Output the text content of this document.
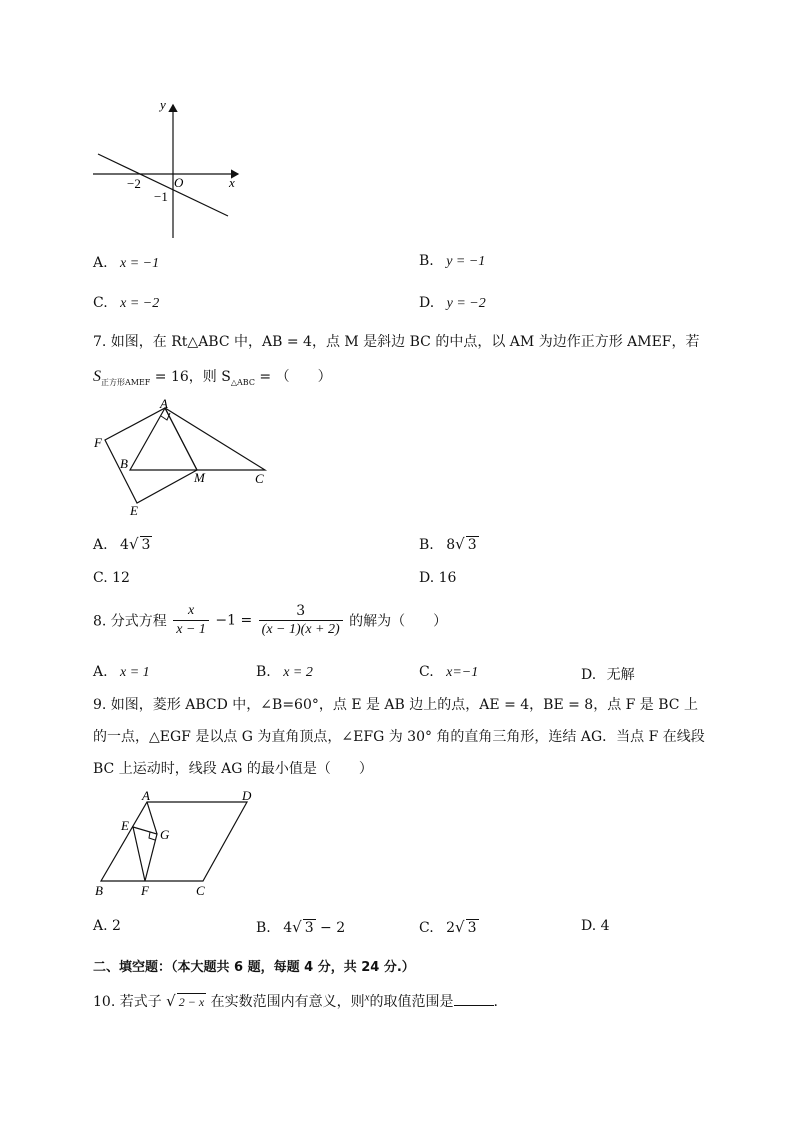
y
x
O
−2
−1
A. x = −1	B. y = −1
C. x = −2	D. y = −2
7. 如图，在 Rt△ABC 中，AB = 4，点 M 是斜边 BC 的中点，以 AM 为边作正方形 AMEF，若
$S_{正方形AMEF} = 16$，则 $S_{\triangle ABC}$ = （　　）
A
F
B
M	C
E
A. 4√ 3	B. 8√ 3
C. 12	D. 16
8. 分式方程 $\frac{x}{x - 1} -1 = \frac{3}{(x - 1)(x + 2)}$ 的解为（　　）
A. x = 1	B. x = 2	C. x=−1	D. 无解
9. 如图，菱形 ABCD 中，∠B=60°，点 E 是 AB 边上的点，AE = 4，BE = 8，点 F 是 BC 上
的一点，△EGF 是以点 G 为直角顶点，∠EFG 为 30° 角的直角三角形，连结 AG．当点 F 在线段
BC 上运动时，线段 AG 的最小值是（　　）
A	D
E
G
B	F	C
A. 2	B. 4√ 3 − 2	C. 2√ 3	D. 4
二、填空题：（本大题共 6 题，每题 4 分，共 24 分.）
10. 若式子 √ 2 − x 在实数范围内有意义，则$^x$的取值范围是	.
